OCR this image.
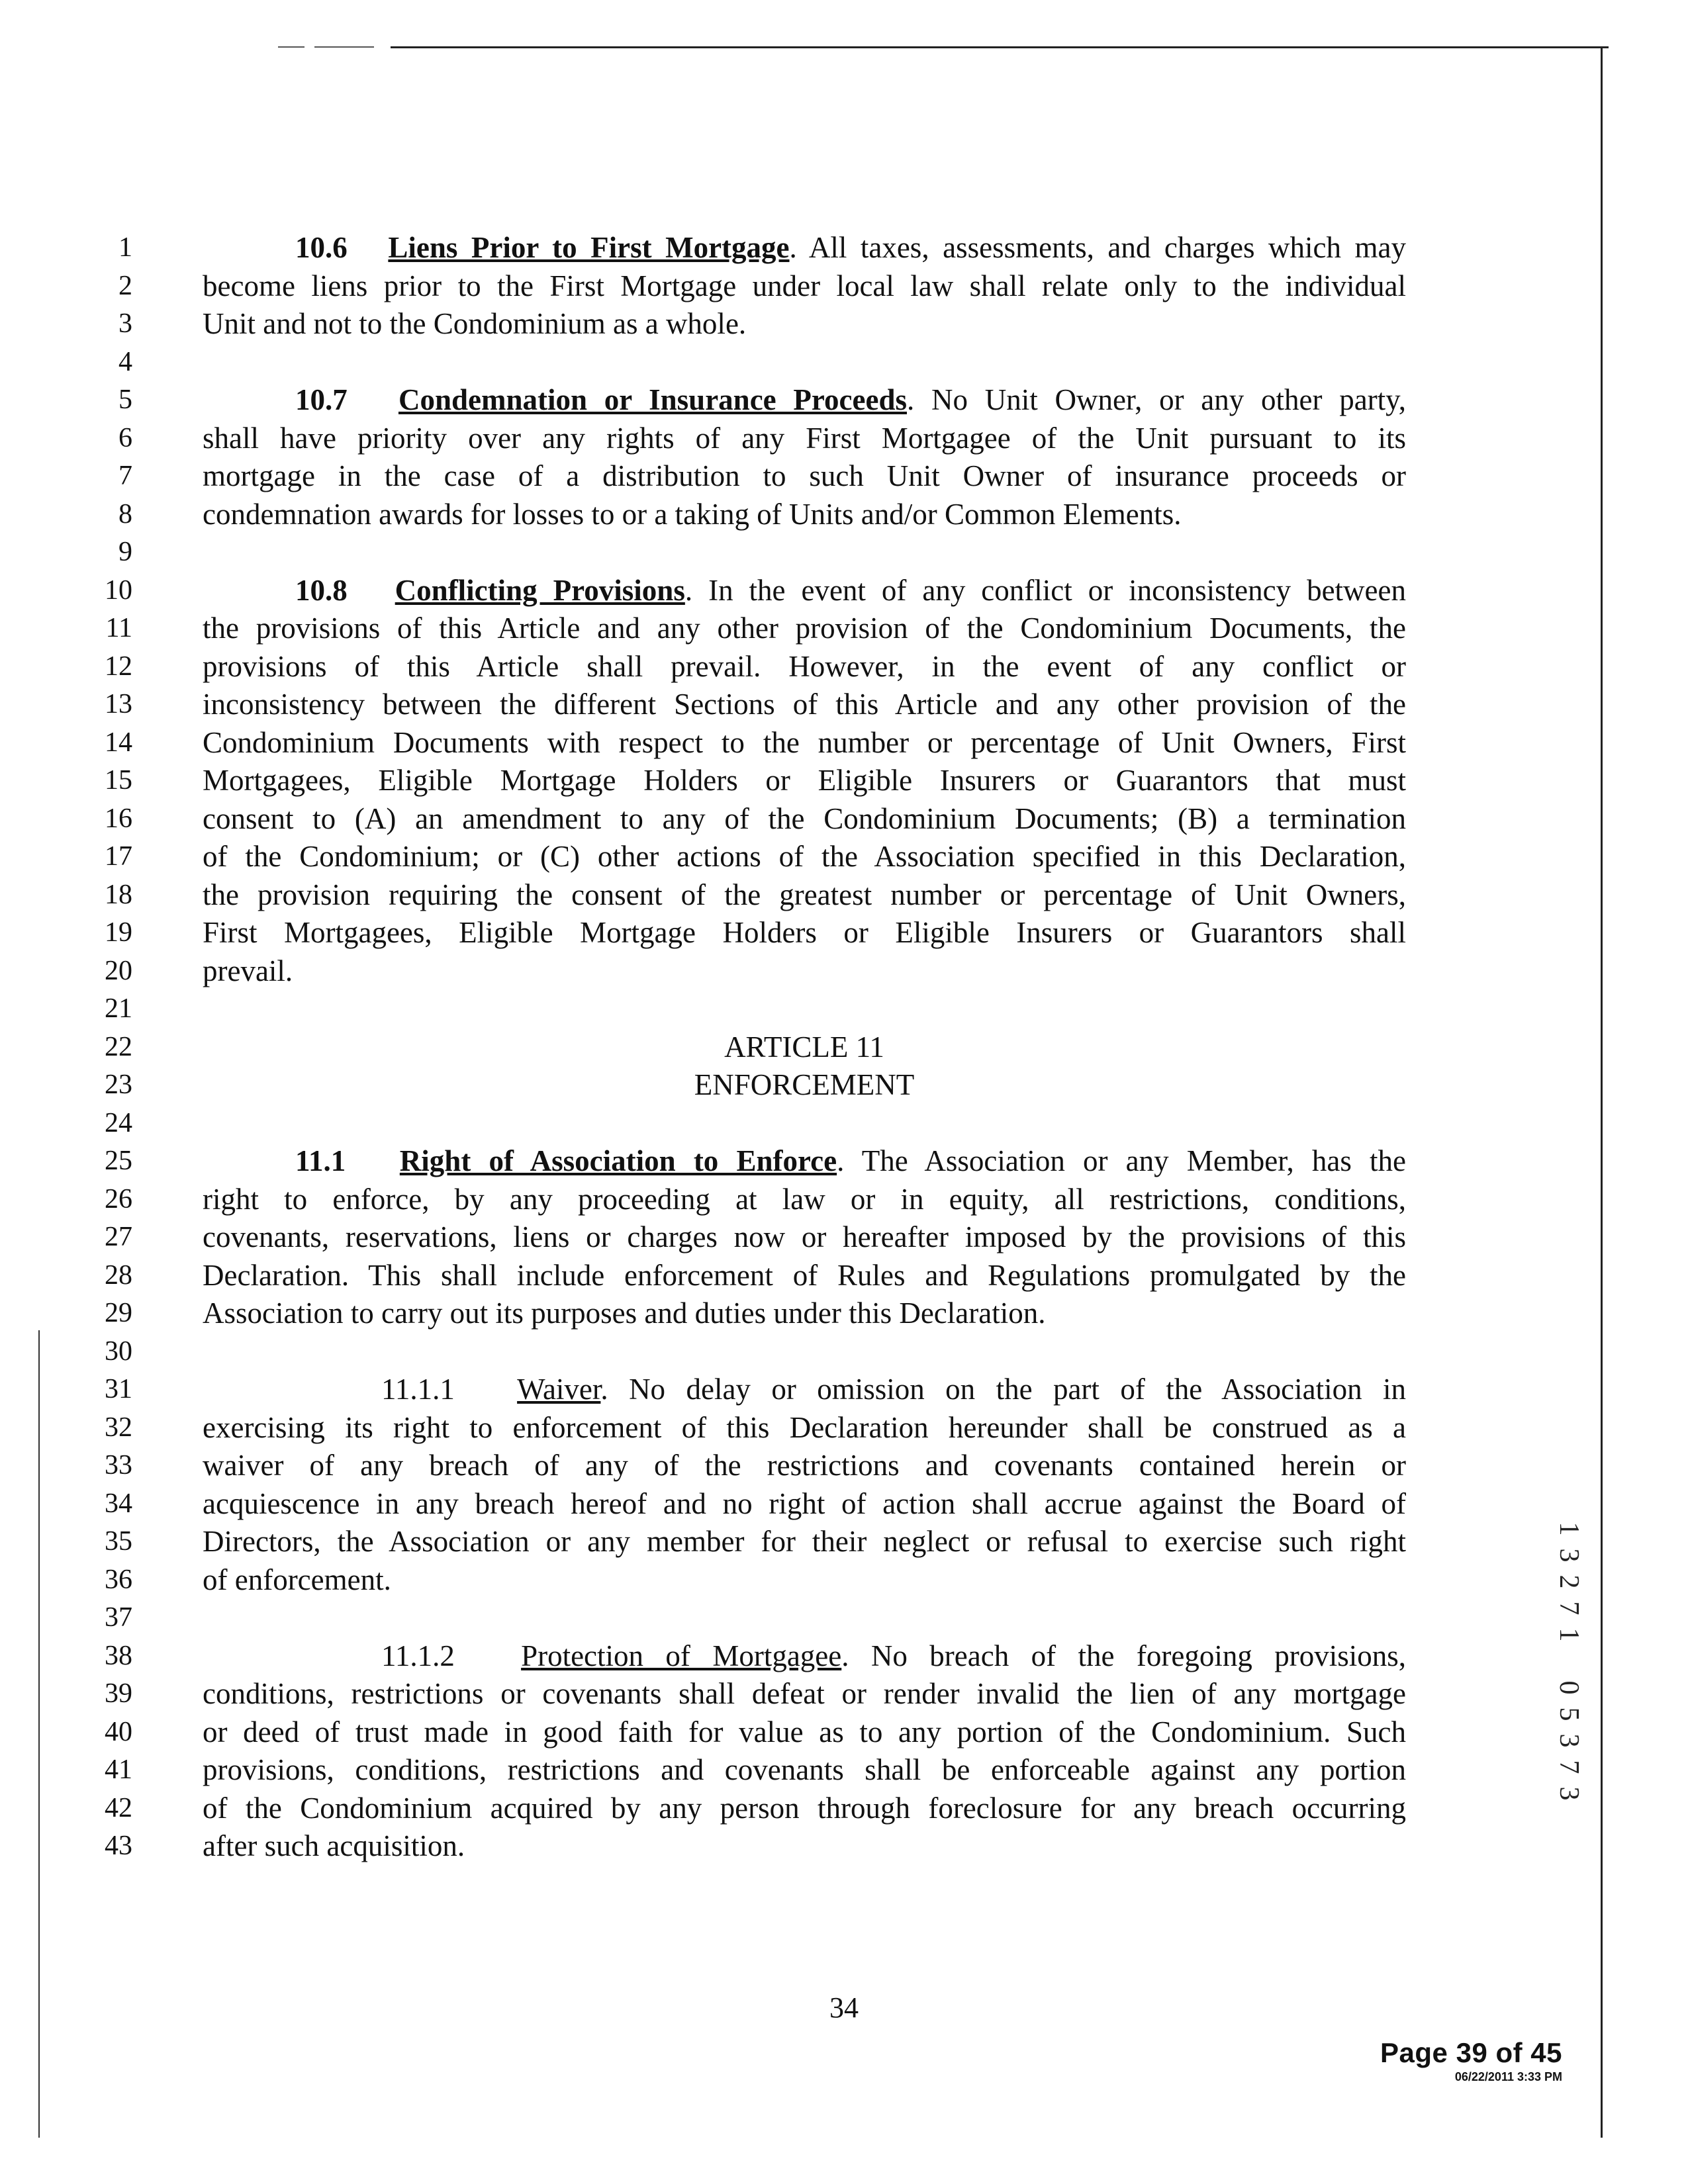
1
2
3
4
5
6
7
8
9
10
11
12
13
14
15
16
17
18
19
20
21
22
23
24
25
26
27
28
29
30
31
32
33
34
35
36
37
38
39
40
41
42
43
10.6 Liens Prior to First Mortgage. All taxes, assessments, and charges which may
become liens prior to the First Mortgage under local law shall relate only to the individual
Unit and not to the Condominium as a whole.
10.7 Condemnation or Insurance Proceeds. No Unit Owner, or any other party,
shall have priority over any rights of any First Mortgagee of the Unit pursuant to its
mortgage in the case of a distribution to such Unit Owner of insurance proceeds or
condemnation awards for losses to or a taking of Units and/or Common Elements.
10.8 Conflicting Provisions. In the event of any conflict or inconsistency between
the provisions of this Article and any other provision of the Condominium Documents, the
provisions of this Article shall prevail. However, in the event of any conflict or
inconsistency between the different Sections of this Article and any other provision of the
Condominium Documents with respect to the number or percentage of Unit Owners, First
Mortgagees, Eligible Mortgage Holders or Eligible Insurers or Guarantors that must
consent to (A) an amendment to any of the Condominium Documents; (B) a termination
of the Condominium; or (C) other actions of the Association specified in this Declaration,
the provision requiring the consent of the greatest number or percentage of Unit Owners,
First Mortgagees, Eligible Mortgage Holders or Eligible Insurers or Guarantors shall
prevail.
ARTICLE 11
ENFORCEMENT
11.1 Right of Association to Enforce. The Association or any Member, has the
right to enforce, by any proceeding at law or in equity, all restrictions, conditions,
covenants, reservations, liens or charges now or hereafter imposed by the provisions of this
Declaration. This shall include enforcement of Rules and Regulations promulgated by the
Association to carry out its purposes and duties under this Declaration.
11.1.1 Waiver. No delay or omission on the part of the Association in
exercising its right to enforcement of this Declaration hereunder shall be construed as a
waiver of any breach of any of the restrictions and covenants contained herein or
acquiescence in any breach hereof and no right of action shall accrue against the Board of
Directors, the Association or any member for their neglect or refusal to exercise such right
of enforcement.
11.1.2 Protection of Mortgagee. No breach of the foregoing provisions,
conditions, restrictions or covenants shall defeat or render invalid the lien of any mortgage
or deed of trust made in good faith for value as to any portion of the Condominium. Such
provisions, conditions, restrictions and covenants shall be enforceable against any portion
of the Condominium acquired by any person through foreclosure for any breach occurring
after such acquisition.
34
Page 39 of 45
06/22/2011 3:33 PM
1
3
2
7
1
0
5
3
7
3
